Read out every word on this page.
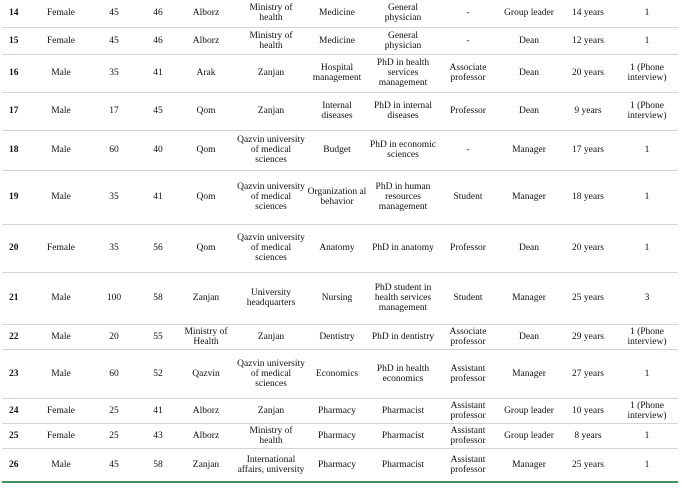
14	Female	45	46	Alborz	Ministry of health	Medicine	General physician	-	Group leader	14 years	1
15	Female	45	46	Alborz	Ministry of health	Medicine	General physician	-	Dean	12 years	1
16	Male	35	41	Arak	Zanjan	Hospital management	PhD in health services management	Associate professor	Dean	20 years	1 (Phone interview)
17	Male	17	45	Qom	Zanjan	Internal diseases	PhD in internal diseases	Professor	Dean	9 years	1 (Phone interview)
18	Male	60	40	Qom	Qazvin university of medical sciences	Budget	PhD in economic sciences	-	Manager	17 years	1
19	Male	35	41	Qom	Qazvin university of medical sciences	Organization al behavior	PhD in human resources management	Student	Manager	18 years	1
20	Female	35	56	Qom	Qazvin university of medical sciences	Anatomy	PhD in anatomy	Professor	Dean	20 years	1
21	Male	100	58	Zanjan	University headquarters	Nursing	PhD student in health services management	Student	Manager	25 years	3
22	Male	20	55	Ministry of Health	Zanjan	Dentistry	PhD in dentistry	Associate professor	Dean	29 years	1 (Phone interview)
23	Male	60	52	Qazvin	Qazvin university of medical sciences	Economics	PhD in health economics	Assistant professor	Manager	27 years	1
24	Female	25	41	Alborz	Zanjan	Pharmacy	Pharmacist	Assistant professor	Group leader	10 years	1 (Phone interview)
25	Female	25	43	Alborz	Ministry of health	Pharmacy	Pharmacist	Assistant professor	Group leader	8 years	1
26	Male	45	58	Zanjan	International affairs, university	Pharmacy	Pharmacist	Assistant professor	Manager	25 years	1
